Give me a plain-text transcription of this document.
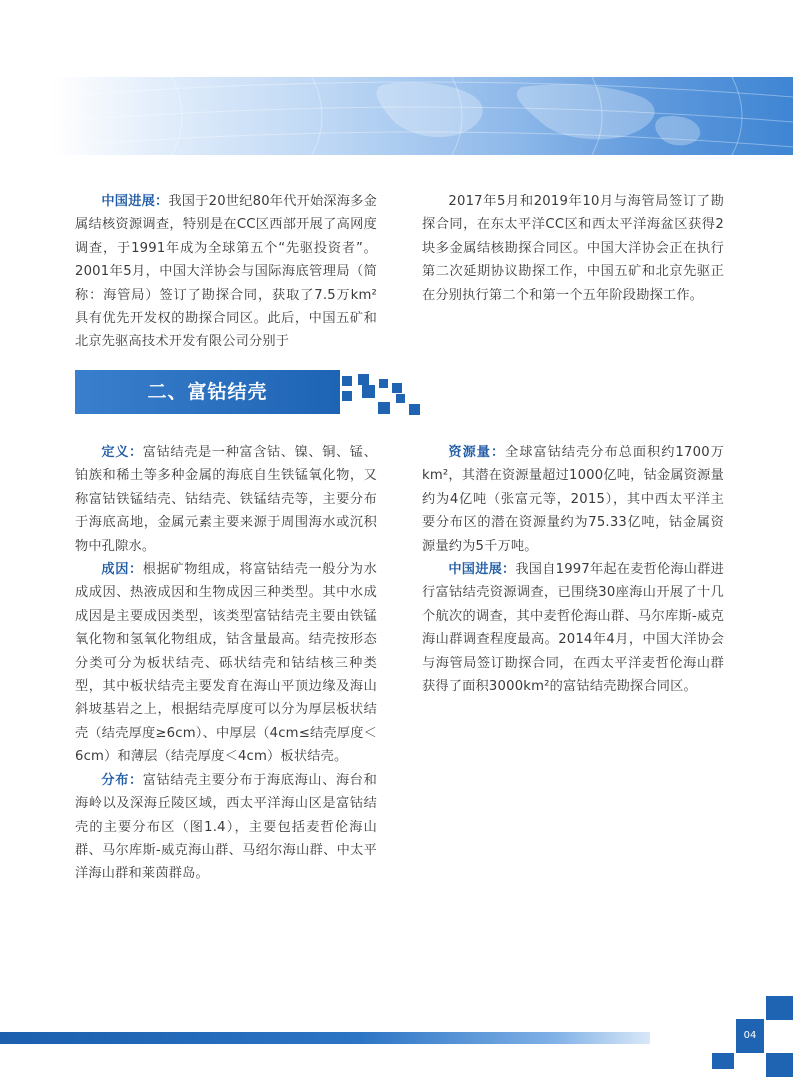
中国进展：我国于20世纪80年代开始深海多金属结核资源调查，特别是在CC区西部开展了高网度调查，于1991年成为全球第五个“先驱投资者”。2001年5月，中国大洋协会与国际海底管理局（简称：海管局）签订了勘探合同，获取了7.5万km²具有优先开发权的勘探合同区。此后，中国五矿和北京先驱高技术开发有限公司分别于

2017年5月和2019年10月与海管局签订了勘探合同，在东太平洋CC区和西太平洋海盆区获得2块多金属结核勘探合同区。中国大洋协会正在执行第二次延期协议勘探工作，中国五矿和北京先驱正在分别执行第二个和第一个五年阶段勘探工作。

二、富钴结壳

定义：富钴结壳是一种富含钴、镍、铜、锰、铂族和稀土等多种金属的海底自生铁锰氧化物，又称富钴铁锰结壳、钴结壳、铁锰结壳等，主要分布于海底高地，金属元素主要来源于周围海水或沉积物中孔隙水。

成因：根据矿物组成，将富钴结壳一般分为水成成因、热液成因和生物成因三种类型。其中水成成因是主要成因类型，该类型富钴结壳主要由铁锰氧化物和氢氧化物组成，钴含量最高。结壳按形态分类可分为板状结壳、砾状结壳和钴结核三种类型，其中板状结壳主要发育在海山平顶边缘及海山斜坡基岩之上，根据结壳厚度可以分为厚层板状结壳（结壳厚度≥6cm）、中厚层（4cm≤结壳厚度＜6cm）和薄层（结壳厚度＜4cm）板状结壳。

分布：富钴结壳主要分布于海底海山、海台和海岭以及深海丘陵区域，西太平洋海山区是富钴结壳的主要分布区（图1.4），主要包括麦哲伦海山群、马尔库斯-威克海山群、马绍尔海山群、中太平洋海山群和莱茵群岛。

资源量：全球富钴结壳分布总面积约1700万km²，其潜在资源量超过1000亿吨，钴金属资源量约为4亿吨（张富元等，2015），其中西太平洋主要分布区的潜在资源量约为75.33亿吨，钴金属资源量约为5千万吨。

中国进展：我国自1997年起在麦哲伦海山群进行富钴结壳资源调查，已围绕30座海山开展了十几个航次的调查，其中麦哲伦海山群、马尔库斯-威克海山群调查程度最高。2014年4月，中国大洋协会与海管局签订勘探合同，在西太平洋麦哲伦海山群获得了面积3000km²的富钴结壳勘探合同区。

04
